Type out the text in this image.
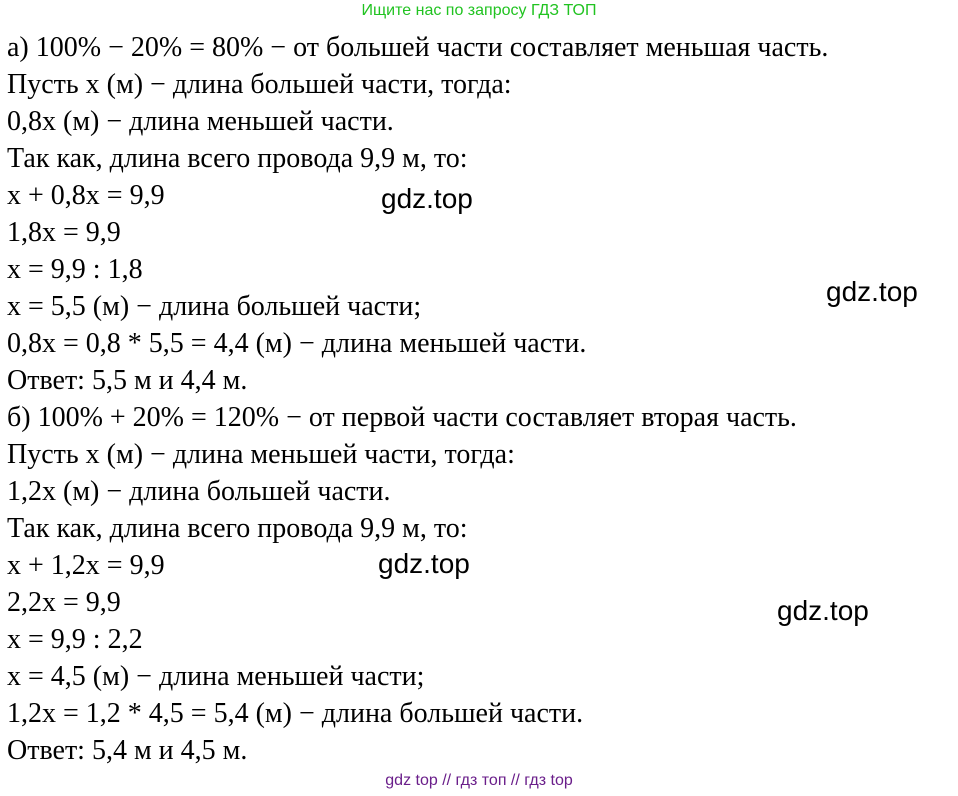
Ищите нас по запросу ГДЗ ТОП
а) 100% − 20% = 80% − от большей части составляет меньшая часть.
Пусть x (м) − длина большей части, тогда:
0,8x (м) − длина меньшей части.
Так как, длина всего провода 9,9 м, то:
x + 0,8x = 9,9
1,8x = 9,9
x = 9,9 : 1,8
x = 5,5 (м) − длина большей части;
0,8x = 0,8 * 5,5 = 4,4 (м) − длина меньшей части.
Ответ: 5,5 м и 4,4 м.
б) 100% + 20% = 120% − от первой части составляет вторая часть.
Пусть x (м) − длина меньшей части, тогда:
1,2x (м) − длина большей части.
Так как, длина всего провода 9,9 м, то:
x + 1,2x = 9,9
2,2x = 9,9
x = 9,9 : 2,2
x = 4,5 (м) − длина меньшей части;
1,2x = 1,2 * 4,5 = 5,4 (м) − длина большей части.
Ответ: 5,4 м и 4,5 м.
gdz.top
gdz.top
gdz.top
gdz.top
gdz top // гдз топ // гдз top
